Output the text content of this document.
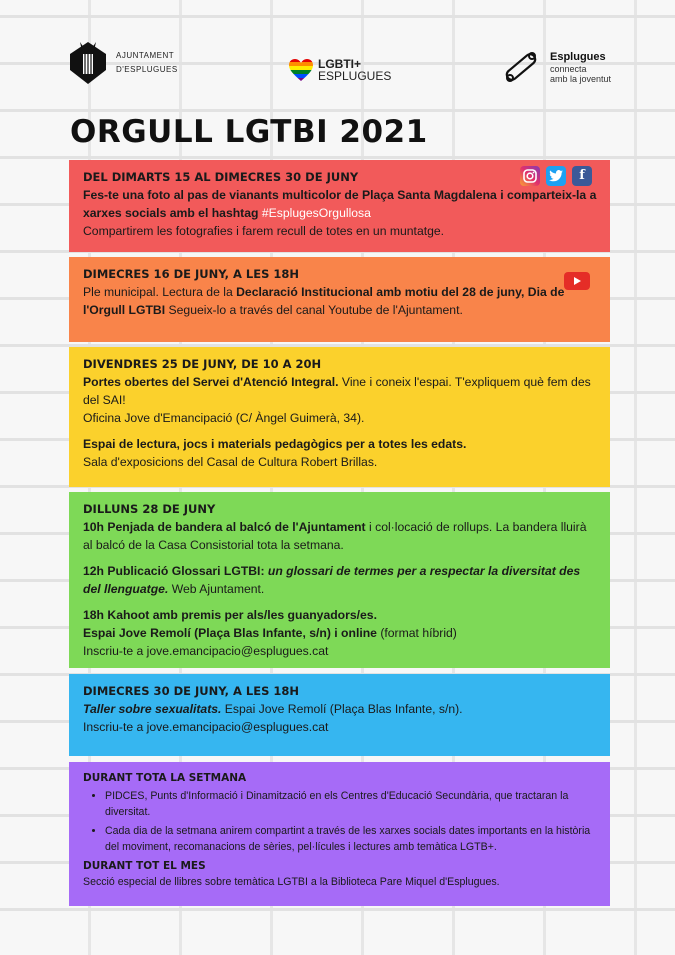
AJUNTAMENT
D'ESPLUGUES	LGBTI+
ESPLUGUES
Esplugues
connecta
amb la joventut
ORGULL LGTBI 2021
f

DEL DIMARTS 15 AL DIMECRES 30 DE JUNY

Fes-te una foto al pas de vianants multicolor de Plaça Santa Magdalena i comparteix-la a xarxes socials amb el hashtag #EsplugesOrgullosa

Compartirem les fotografies i farem recull de totes en un muntatge.

DIMECRES 16 DE JUNY, A LES 18H

Ple municipal. Lectura de la Declaració Institucional amb motiu del 28 de juny, Dia de l'Orgull LGTBI Segueix-lo a través del canal Youtube de l'Ajuntament.

DIVENDRES 25 DE JUNY, DE 10 A 20H

Portes obertes del Servei d'Atenció Integral. Vine i coneix l'espai. T'expliquem què fem des del SAI!

Oficina Jove d'Emancipació (C/ Àngel Guimerà, 34).

Espai de lectura, jocs i materials pedagògics per a totes les edats.

Sala d'exposicions del Casal de Cultura Robert Brillas.

DILLUNS 28 DE JUNY

10h Penjada de bandera al balcó de l'Ajuntament i col·locació de rollups. La bandera lluirà al balcó de la Casa Consistorial tota la setmana.

12h Publicació Glossari LGTBI: un glossari de termes per a respectar la diversitat des del llenguatge. Web Ajuntament.

18h Kahoot amb premis per als/les guanyadors/es.

Espai Jove Remolí (Plaça Blas Infante, s/n) i online (format híbrid)

Inscriu-te a jove.emancipacio@esplugues.cat

DIMECRES 30 DE JUNY, A LES 18H

Taller sobre sexualitats. Espai Jove Remolí (Plaça Blas Infante, s/n).

Inscriu-te a jove.emancipacio@esplugues.cat

DURANT TOTA LA SETMANA

• PIDCES, Punts d'Informació i Dinamització en els Centres d'Educació Secundària, que tractaran la diversitat.
• Cada dia de la setmana anirem compartint a través de les xarxes socials dates importants en la història del moviment, recomanacions de sèries, pel·lícules i lectures amb temàtica LGTB+.

DURANT TOT EL MES

Secció especial de llibres sobre temàtica LGTBI a la Biblioteca Pare Miquel d'Esplugues.
